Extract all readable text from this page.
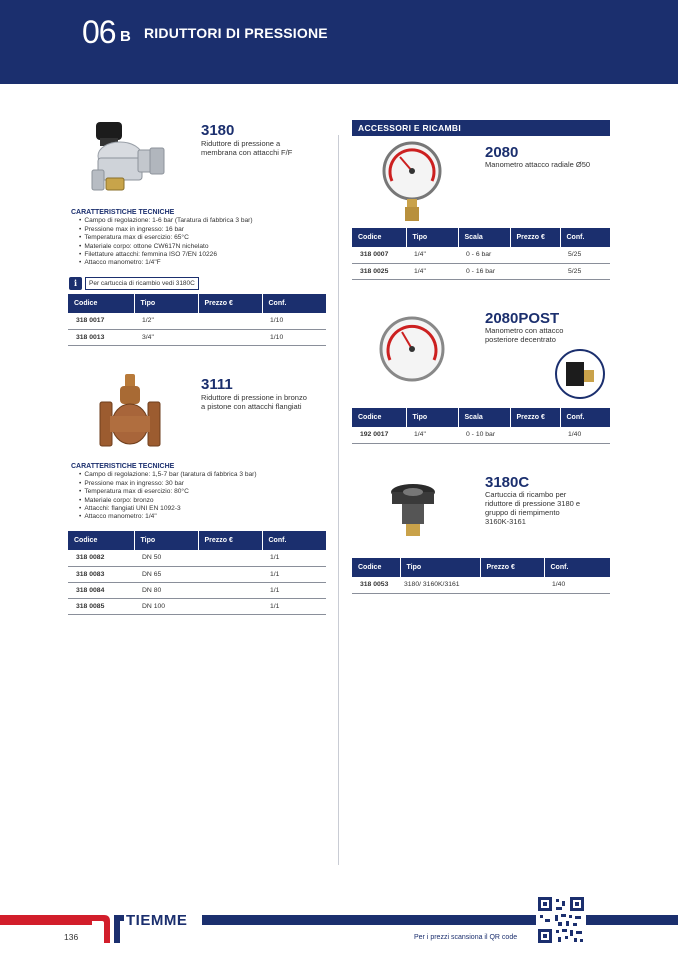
06 B RIDUTTORI DI PRESSIONE
3180
Riduttore di pressione a
membrana con attacchi F/F
CARATTERISTICHE TECNICHE
• Campo di regolazione: 1-6 bar (Taratura di fabbrica 3 bar)
• Pressione max in ingresso: 16 bar
• Temperatura max di esercizio: 65°C
• Materiale corpo: ottone CW617N nichelato
• Filettature attacchi: femmina ISO 7/EN 10226
• Attacco manometro: 1/4"F
i	Per cartuccia di ricambio vedi 3180C
Codice	Tipo	Prezzo €	Conf.
318 0017	1/2"		1/10
318 0013	3/4"		1/10
3111
Riduttore di pressione in bronzo
a pistone con attacchi flangiati
CARATTERISTICHE TECNICHE
• Campo di regolazione: 1,5-7 bar (taratura di fabbrica 3 bar)
• Pressione max in ingresso: 30 bar
• Temperatura max di esercizio: 80°C
• Materiale corpo: bronzo
• Attacchi: flangiati UNI EN 1092-3
• Attacco manometro: 1/4"
Codice	Tipo	Prezzo €	Conf.
318 0082	DN 50		1/1
318 0083	DN 65		1/1
318 0084	DN 80		1/1
318 0085	DN 100		1/1
ACCESSORI E RICAMBI
2080
Manometro attacco radiale Ø50
Codice	Tipo	Scala	Prezzo €	Conf.
318 0007	1/4"	0 - 6 bar		5/25
318 0025	1/4"	0 - 16 bar		5/25
2080POST
Manometro con attacco
posteriore decentrato
Codice	Tipo	Scala	Prezzo €	Conf.
192 0017	1/4"	0 - 10 bar		1/40
3180C
Cartuccia di ricambo per
riduttore di pressione 3180 e
gruppo di riempimento
3160K-3161
Codice	Tipo	Prezzo €	Conf.
318 0053	3180/ 3160K/3161		1/40
TIEMME
136	Per i prezzi scansiona il QR code
